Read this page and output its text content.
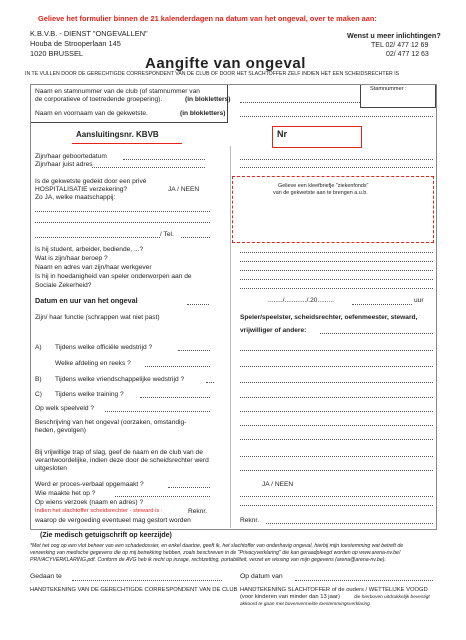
Gelieve het formulier binnen de 21 kalenderdagen na datum van het ongeval, over te maken aan:
K.B.V.B. - DIENST "ONGEVALLEN"
Houba de Strooperlaan 145
1020 BRUSSEL
Wenst u meer inlichtingen?
TEL 02/ 477 12 69
02/ 477 12 63
Aangifte van ongeval
IN TE VULLEN DOOR DE GERECHTIGDE CORRESPONDENT VAN DE CLUB OF DOOR HET SLACHTOFFER ZELF INDIEN HET EEN SCHEIDSRECHTER IS
Stamnummer :
Naam en stamnummer van de club (of stamnummer van
de corporatieve of toetredende groepering).	(in blokletters)
Naam en voornaam van de gekwetste.	(in blokletters)
Aansluitingsnr. KBVB	Nr
Zijn/haar geboortedatum
Zijn/haar juist adres
Is de gekwetste gedekt door een privé
HOSPITALISATIE verzekering?	JA / NEEN
Zo JA, welke maatschappij:
/ Tel.
Gelieve een kleefbriefje "ziekenfonds"
van de gekwetste aan te brengen a.u.b.
Is hij student, arbeider, bediende, ...?
Wat is zijn/haar beroep ?
Naam en adres van zijn/haar werkgever
Is hij in hoedanigheid van speler onderworpen aan de
Sociale Zekerheid?
Datum en uur van het ongeval	......../............/.20.........	uur
Zijn/ haar functie (schrappen wat niet past)	Speler/speelster, scheidsrechter, oefenmeester, steward,
vrijwilliger of andere:
A) Tijdens welke officiële wedstrijd ?
Welke afdeling en reeks ?
B) Tijdens welke vriendschappelijke wedstrijd ?
C) Tijdens welke training ?
Op welk speelveld ?
Beschrijving van het ongeval (oorzaken, omstandig-
heden, gevolgen)
Bij vrijwillige trap of slag, geef de naam en de club van de
verantwoordelijke, indien deze door de scheidsrechter werd
uitgesloten
Werd er proces-verbaal opgemaakt ?	JA / NEEN
Wie maakte het op ?
Op wiens verzoek (naam en adres) ?
Indien het slachtoffer scheidsrechter - steward is :	Reknr.
waarop de vergoeding eventueel mag gestort worden	Reknr.
(Zie medisch getuigschrift op keerzijde)
*Met het oog op een vlot beheer van een schadedossier, en enkel daartoe, geeft ik, het slachtoffer van onderhavig ongeval, hierbij mijn toestemming wat betreft de
verwerking van medische gegevens die op mij betrekking hebben, zoals beschreven in de "Privacyverklaring" die kan geraadpleegd worden op www.arena-nv.be/
PRIVACYVERKLARING.pdf. Conform de AVG heb ik recht op inzage, rechtzetting, portabiliteit, verzet en wissing van mijn gegevens (arena@arena-nv.be).
Gedaan te	Op datum van
HANDTEKENING VAN DE GERECHTIGDE CORRESPONDENT VAN DE CLUB HANDTEKENING SLACHTOFFER of de ouders / WETTELIJKE VOOGD
(voor kinderen van minder dan 13 jaar)	die hierboven uitdrukkelijk bevestigt
akkoord te gaan met bovenvermelde toestemmingsverklaring
